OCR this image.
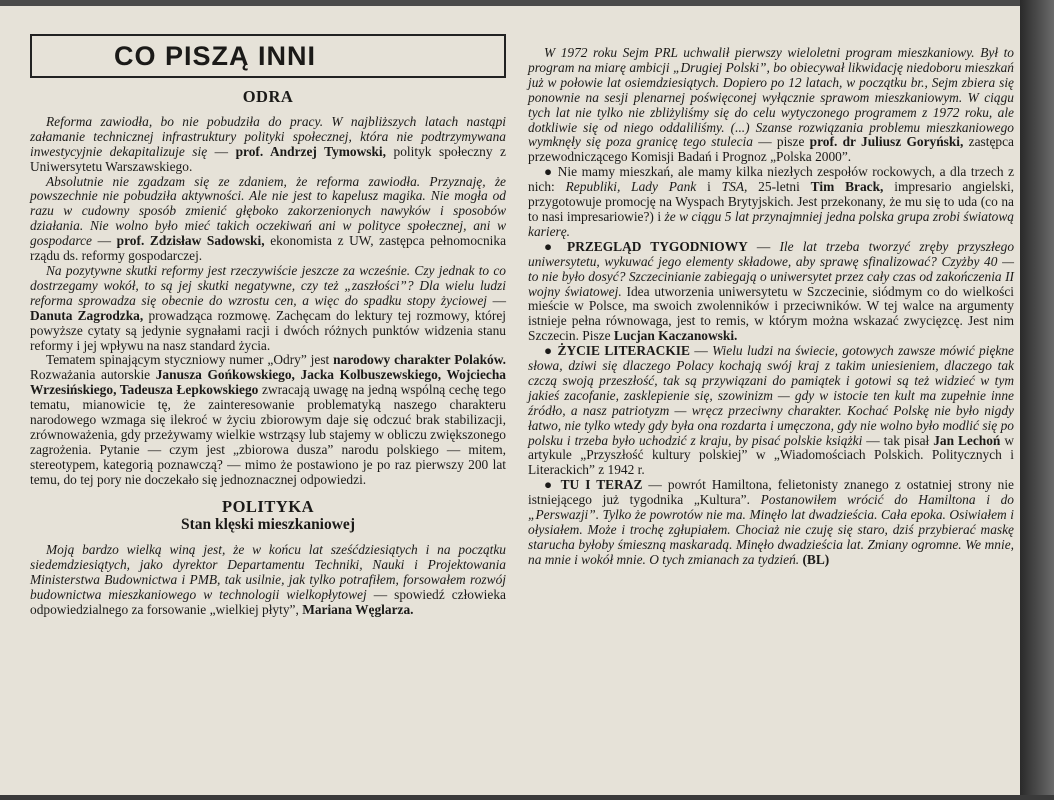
CO PISZĄ INNI
ODRA

Reforma zawiodła, bo nie pobudziła do pracy. W najbliższych latach nastąpi załamanie technicznej infrastruktury polityki społecznej, która nie podtrzymywana inwestycyjnie dekapitalizuje się — prof. Andrzej Tymowski, polityk społeczny z Uniwersytetu Warszawskiego.

Absolutnie nie zgadzam się ze zdaniem, że reforma zawiodła. Przyznaję, że powszechnie nie pobudziła aktywności. Ale nie jest to kapelusz magika. Nie mogła od razu w cudowny sposób zmienić głęboko zakorzenionych nawyków i sposobów działania. Nie wolno było mieć takich oczekiwań ani w polityce społecznej, ani w gospodarce — prof. Zdzisław Sadowski, ekonomista z UW, zastępca pełnomocnika rządu ds. reformy gospodarczej.

Na pozytywne skutki reformy jest rzeczywiście jeszcze za wcześnie. Czy jednak to co dostrzegamy wokół, to są jej skutki negatywne, czy też „zaszłości”? Dla wielu ludzi reforma sprowadza się obecnie do wzrostu cen, a więc do spadku stopy życiowej — Danuta Zagrodzka, prowadząca rozmowę. Zachęcam do lektury tej rozmowy, której powyższe cytaty są jedynie sygnałami racji i dwóch różnych punktów widzenia stanu reformy i jej wpływu na nasz standard życia.

Tematem spinającym styczniowy numer „Odry” jest narodowy charakter Polaków. Rozważania autorskie Janusza Gońkowskiego, Jacka Kolbuszewskiego, Wojciecha Wrzesińskiego, Tadeusza Łepkowskiego zwracają uwagę na jedną wspólną cechę tego tematu, mianowicie tę, że zainteresowanie problematyką naszego charakteru narodowego wzmaga się ilekroć w życiu zbiorowym daje się odczuć brak stabilizacji, zrównoważenia, gdy przeżywamy wielkie wstrząsy lub stajemy w obliczu zwiększonego zagrożenia. Pytanie — czym jest „zbiorowa dusza” narodu polskiego — mitem, stereotypem, kategorią poznawczą? — mimo że postawiono je po raz pierwszy 200 lat temu, do tej pory nie doczekało się jednoznacznej odpowiedzi.

POLITYKA
Stan klęski mieszkaniowej

Moją bardzo wielką winą jest, że w końcu lat sześćdziesiątych i na początku siedemdziesiątych, jako dyrektor Departamentu Techniki, Nauki i Projektowania Ministerstwa Budownictwa i PMB, tak usilnie, jak tylko potrafiłem, forsowałem rozwój budownictwa mieszkaniowego w technologii wielkopłytowej — spowiedź człowieka odpowiedzialnego za forsowanie „wielkiej płyty”, Mariana Węglarza.

W 1972 roku Sejm PRL uchwalił pierwszy wieloletni program mieszkaniowy. Był to program na miarę ambicji „Drugiej Polski”, bo obiecywał likwidację niedoboru mieszkań już w połowie lat osiemdziesiątych. Dopiero po 12 latach, w początku br., Sejm zbiera się ponownie na sesji plenarnej poświęconej wyłącznie sprawom mieszkaniowym. W ciągu tych lat nie tylko nie zbliżyliśmy się do celu wytyczonego programem z 1972 roku, ale dotkliwie się od niego oddaliliśmy. (...) Szanse rozwiązania problemu mieszkaniowego wymknęły się poza granicę tego stulecia — pisze prof. dr Juliusz Goryński, zastępca przewodniczącego Komisji Badań i Prognoz „Polska 2000”.

● Nie mamy mieszkań, ale mamy kilka niezłych zespołów rockowych, a dla trzech z nich: Republiki, Lady Pank i TSA, 25-letni Tim Brack, impresario angielski, przygotowuje promocję na Wyspach Brytyjskich. Jest przekonany, że mu się to uda (co na to nasi impresariowie?) i że w ciągu 5 lat przynajmniej jedna polska grupa zrobi światową karierę.

● PRZEGLĄD TYGODNIOWY — Ile lat trzeba tworzyć zręby przyszłego uniwersytetu, wykuwać jego elementy składowe, aby sprawę sfinalizować? Czyżby 40 — to nie było dosyć? Szczecinianie zabiegają o uniwersytet przez cały czas od zakończenia II wojny światowej. Idea utworzenia uniwersytetu w Szczecinie, siódmym co do wielkości mieście w Polsce, ma swoich zwolenników i przeciwników. W tej walce na argumenty istnieje pełna równowaga, jest to remis, w którym można wskazać zwycięzcę. Jest nim Szczecin. Pisze Lucjan Kaczanowski.

● ŻYCIE LITERACKIE — Wielu ludzi na świecie, gotowych zawsze mówić piękne słowa, dziwi się dlaczego Polacy kochają swój kraj z takim uniesieniem, dlaczego tak czczą swoją przeszłość, tak są przywiązani do pamiątek i gotowi są też widzieć w tym jakieś zacofanie, zasklepienie się, szowinizm — gdy w istocie ten kult ma zupełnie inne źródło, a nasz patriotyzm — wręcz przeciwny charakter. Kochać Polskę nie było nigdy łatwo, nie tylko wtedy gdy była ona rozdarta i umęczona, gdy nie wolno było modlić się po polsku i trzeba było uchodzić z kraju, by pisać polskie książki — tak pisał Jan Lechoń w artykule „Przyszłość kultury polskiej” w „Wiadomościach Polskich. Politycznych i Literackich” z 1942 r.

● TU I TERAZ — powrót Hamiltona, felietonisty znanego z ostatniej strony nie istniejącego już tygodnika „Kultura”. Postanowiłem wrócić do Hamiltona i do „Perswazji”. Tylko że powrotów nie ma. Minęło lat dwadzieścia. Cała epoka. Osiwiałem i ołysiałem. Może i trochę zgłupiałem. Chociaż nie czuję się staro, dziś przybierać maskę starucha byłoby śmieszną maskaradą. Minęło dwadzieścia lat. Zmiany ogromne. We mnie, na mnie i wokół mnie. O tych zmianach za tydzień. (BL)
